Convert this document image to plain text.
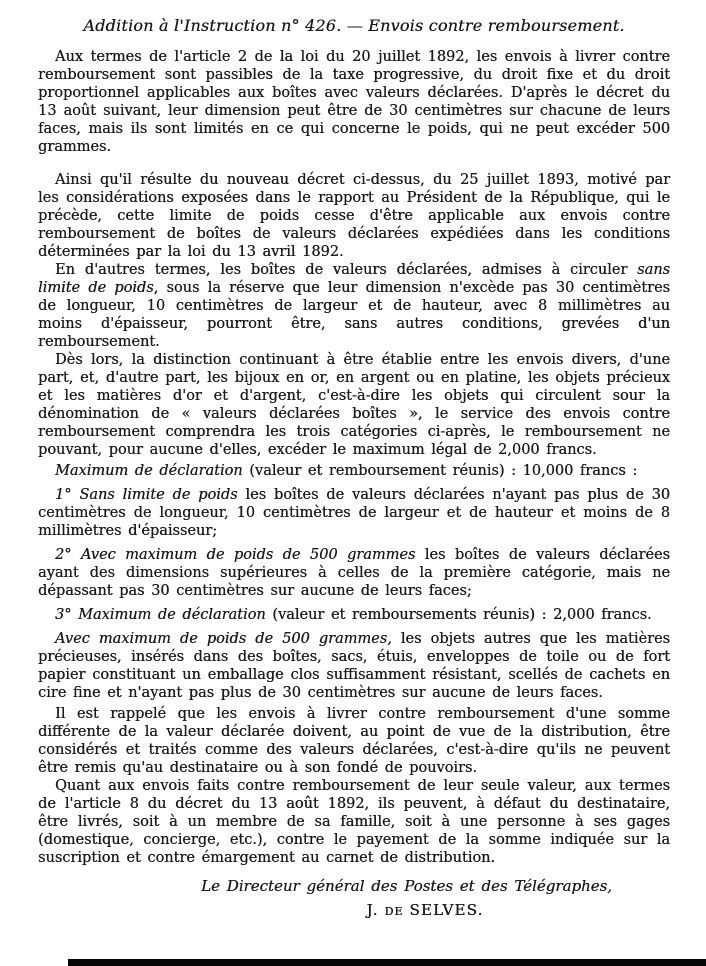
Addition à l'Instruction n° 426. — Envois contre remboursement.

Aux termes de l'article 2 de la loi du 20 juillet 1892, les envois à livrer contre remboursement sont passibles de la taxe progressive, du droit fixe et du droit proportionnel applicables aux boîtes avec valeurs déclarées. D'après le décret du 13 août suivant, leur dimension peut être de 30 centimètres sur chacune de leurs faces, mais ils sont limités en ce qui concerne le poids, qui ne peut excéder 500 grammes.

Ainsi qu'il résulte du nouveau décret ci-dessus, du 25 juillet 1893, motivé par les considérations exposées dans le rapport au Président de la République, qui le précède, cette limite de poids cesse d'être applicable aux envois contre remboursement de boîtes de valeurs déclarées expédiées dans les conditions déterminées par la loi du 13 avril 1892.

En d'autres termes, les boîtes de valeurs déclarées, admises à circuler sans limite de poids, sous la réserve que leur dimension n'excède pas 30 centimètres de longueur, 10 centimètres de largeur et de hauteur, avec 8 millimètres au moins d'épaisseur, pourront être, sans autres conditions, grevées d'un remboursement.

Dès lors, la distinction continuant à être établie entre les envois divers, d'une part, et, d'autre part, les bijoux en or, en argent ou en platine, les objets précieux et les matières d'or et d'argent, c'est-à-dire les objets qui circulent sour la dénomination de « valeurs déclarées boîtes », le service des envois contre remboursement comprendra les trois catégories ci-après, le remboursement ne pouvant, pour aucune d'elles, excéder le maximum légal de 2,000 francs.

Maximum de déclaration (valeur et remboursement réunis) : 10,000 francs :

1° Sans limite de poids les boîtes de valeurs déclarées n'ayant pas plus de 30 centimètres de longueur, 10 centimètres de largeur et de hauteur et moins de 8 millimètres d'épaisseur;

2° Avec maximum de poids de 500 grammes les boîtes de valeurs déclarées ayant des dimensions supérieures à celles de la première catégorie, mais ne dépassant pas 30 centimètres sur aucune de leurs faces;

3° Maximum de déclaration (valeur et remboursements réunis) : 2,000 francs.

Avec maximum de poids de 500 grammes, les objets autres que les matières précieuses, insérés dans des boîtes, sacs, étuis, enveloppes de toile ou de fort papier constituant un emballage clos suffisamment résistant, scellés de cachets en cire fine et n'ayant pas plus de 30 centimètres sur aucune de leurs faces.

Il est rappelé que les envois à livrer contre remboursement d'une somme différente de la valeur déclarée doivent, au point de vue de la distribution, être considérés et traités comme des valeurs déclarées, c'est-à-dire qu'ils ne peuvent être remis qu'au destinataire ou à son fondé de pouvoirs.

Quant aux envois faits contre remboursement de leur seule valeur, aux termes de l'article 8 du décret du 13 août 1892, ils peuvent, à défaut du destinataire, être livrés, soit à un membre de sa famille, soit à une personne à ses gages (domestique, concierge, etc.), contre le payement de la somme indiquée sur la suscription et contre émargement au carnet de distribution.

Le Directeur général des Postes et des Télégraphes,
J. DE SELVES.
